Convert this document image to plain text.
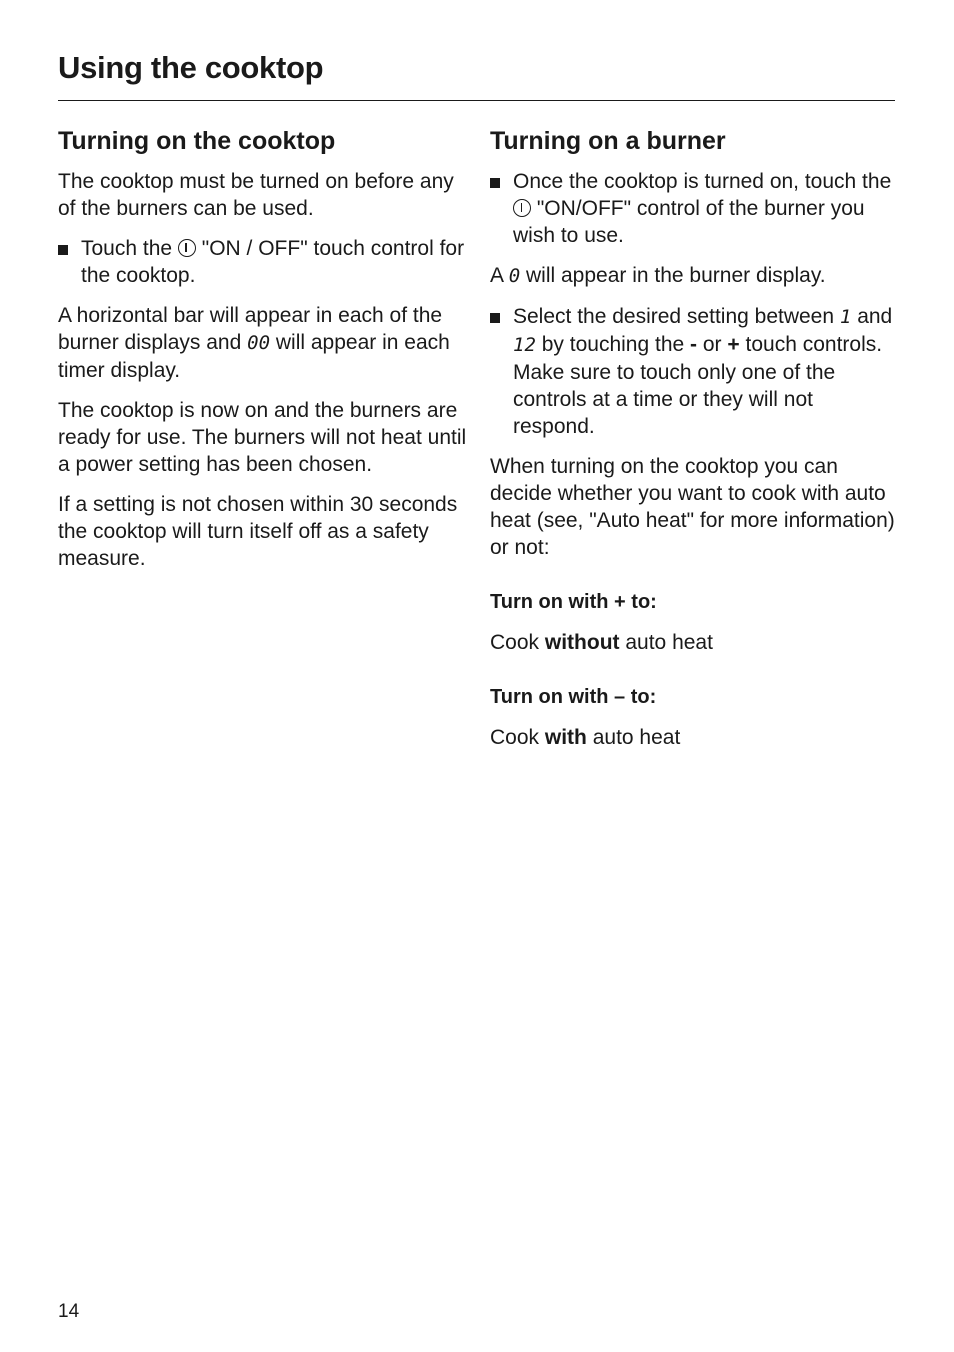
Using the cooktop
Turning on the cooktop

The cooktop must be turned on before any of the burners can be used.

Touch the "ON / OFF" touch control for the cooktop.

A horizontal bar will appear in each of the burner displays and 00 will appear in each timer display.

The cooktop is now on and the burners are ready for use. The burners will not heat until a power setting has been chosen.

If a setting is not chosen within 30 seconds the cooktop will turn itself off as a safety measure.

Turning on a burner
Once the cooktop is turned on, touch the  "ON/OFF" control of the burner you wish to use.

A 0 will appear in the burner display.

Select the desired setting between 1 and 12 by touching the - or + touch controls.
Make sure to touch only one of the controls at a time or they will not respond.

When turning on the cooktop you can decide whether you want to cook with auto heat (see, "Auto heat" for more information) or not:

Turn on with + to:

Cook without auto heat

Turn on with – to:

Cook with auto heat

14
